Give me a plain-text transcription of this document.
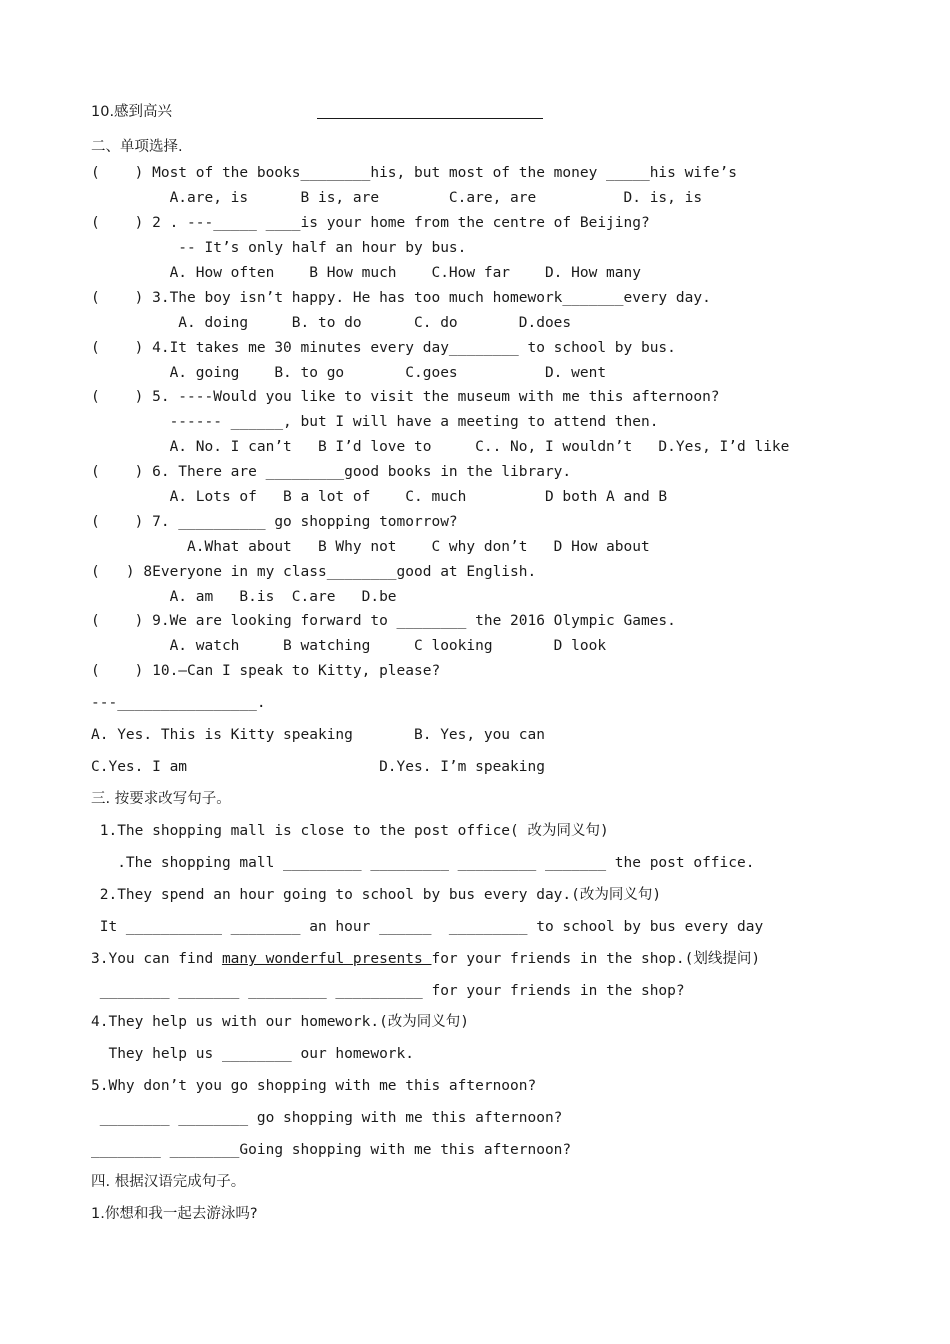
10.感到高兴
二、单项选择.
(    ) Most of the books________his, but most of the money _____his wife’s
A.are, is      B is, are        C.are, are          D. is, is
(    ) 2 . ---_____ ____is your home from the centre of Beijing?
-- It’s only half an hour by bus.
A. How often    B How much    C.How far    D. How many
(    ) 3.The boy isn’t happy. He has too much homework_______every day.
A. doing     B. to do      C. do       D.does
(    ) 4.It takes me 30 minutes every day________ to school by bus.
A. going    B. to go       C.goes          D. went
(    ) 5. ----Would you like to visit the museum with me this afternoon?
------ ______, but I will have a meeting to attend then.
A. No. I can’t   B I’d love to     C.. No, I wouldn’t   D.Yes, I’d like
(    ) 6. There are _________good books in the library.
A. Lots of   B a lot of    C. much         D both A and B
(    ) 7. __________ go shopping tomorrow?
A.What about   B Why not    C why don’t   D How about
(   ) 8Everyone in my class________good at English.
A. am   B.is  C.are   D.be
(    ) 9.We are looking forward to ________ the 2016 Olympic Games.
A. watch     B watching     C looking       D look
(    ) 10.—Can I speak to Kitty, please?
---________________.
A. Yes. This is Kitty speaking       B. Yes, you can
C.Yes. I am                      D.Yes. I’m speaking
三. 按要求改写句子。
1.The shopping mall is close to the post office( 改为同义句)
.The shopping mall _________ _________ _________ _______ the post office.
2.They spend an hour going to school by bus every day.(改为同义句)
It ___________ ________ an hour ______  _________ to school by bus every day
3.You can find many wonderful presents for your friends in the shop.(划线提问)
________ _______ _________ __________ for your friends in the shop?
4.They help us with our homework.(改为同义句)
They help us ________ our homework.
5.Why don’t you go shopping with me this afternoon?
________ ________ go shopping with me this afternoon?
________ ________Going shopping with me this afternoon?
四. 根据汉语完成句子。
1.你想和我一起去游泳吗?
